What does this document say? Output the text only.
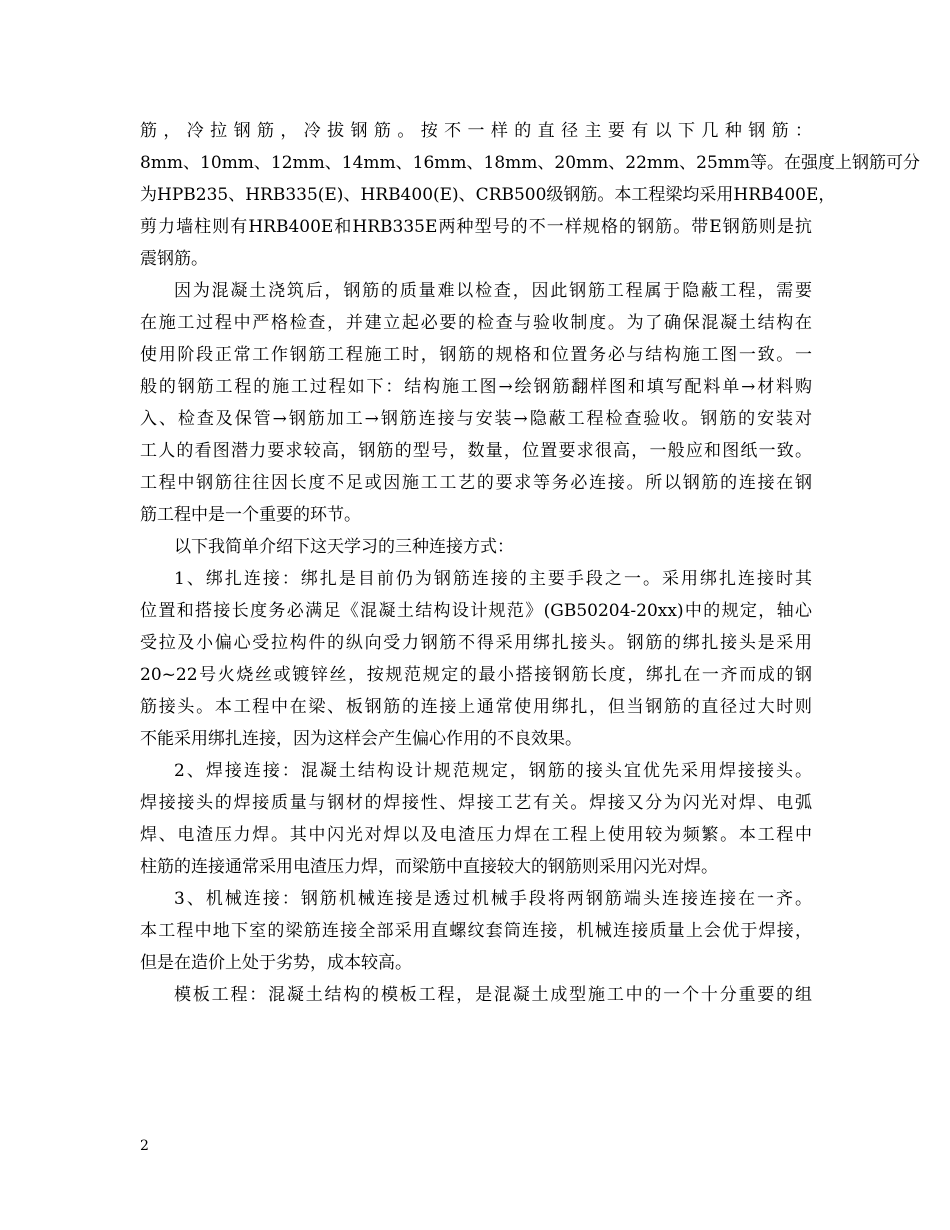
筋，冷拉钢筋，冷拔钢筋。按不一样的直径主要有以下几种钢筋：
8mm、10mm、12mm、14mm、16mm、18mm、20mm、22mm、25mm等。在强度上钢筋可分
为HPB235、HRB335(E)、HRB400(E)、CRB500级钢筋。本工程梁均采用HRB400E，
剪力墙柱则有HRB400E和HRB335E两种型号的不一样规格的钢筋。带E钢筋则是抗
震钢筋。
因为混凝土浇筑后，钢筋的质量难以检查，因此钢筋工程属于隐蔽工程，需要
在施工过程中严格检查，并建立起必要的检查与验收制度。为了确保混凝土结构在
使用阶段正常工作钢筋工程施工时，钢筋的规格和位置务必与结构施工图一致。一
般的钢筋工程的施工过程如下：结构施工图→绘钢筋翻样图和填写配料单→材料购
入、检查及保管→钢筋加工→钢筋连接与安装→隐蔽工程检查验收。钢筋的安装对
工人的看图潜力要求较高，钢筋的型号，数量，位置要求很高，一般应和图纸一致。
工程中钢筋往往因长度不足或因施工工艺的要求等务必连接。所以钢筋的连接在钢
筋工程中是一个重要的环节。
以下我简单介绍下这天学习的三种连接方式：
1、绑扎连接：绑扎是目前仍为钢筋连接的主要手段之一。采用绑扎连接时其
位置和搭接长度务必满足《混凝土结构设计规范》(GB50204-20xx)中的规定，轴心
受拉及小偏心受拉构件的纵向受力钢筋不得采用绑扎接头。钢筋的绑扎接头是采用
20~22号火烧丝或镀锌丝，按规范规定的最小搭接钢筋长度，绑扎在一齐而成的钢
筋接头。本工程中在梁、板钢筋的连接上通常使用绑扎，但当钢筋的直径过大时则
不能采用绑扎连接，因为这样会产生偏心作用的不良效果。
2、焊接连接：混凝土结构设计规范规定，钢筋的接头宜优先采用焊接接头。
焊接接头的焊接质量与钢材的焊接性、焊接工艺有关。焊接又分为闪光对焊、电弧
焊、电渣压力焊。其中闪光对焊以及电渣压力焊在工程上使用较为频繁。本工程中
柱筋的连接通常采用电渣压力焊，而梁筋中直接较大的钢筋则采用闪光对焊。
3、机械连接：钢筋机械连接是透过机械手段将两钢筋端头连接连接在一齐。
本工程中地下室的梁筋连接全部采用直螺纹套筒连接，机械连接质量上会优于焊接，
但是在造价上处于劣势，成本较高。
模板工程：混凝土结构的模板工程，是混凝土成型施工中的一个十分重要的组
2
